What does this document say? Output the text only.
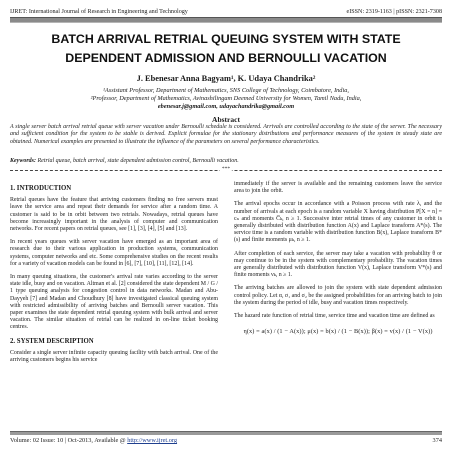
IJRET: International Journal of Research in Engineering and Technology	eISSN: 2319-1163 | pISSN: 2321-7308
BATCH ARRIVAL RETRIAL QUEUING SYSTEM WITH STATE
DEPENDENT ADMISSION AND BERNOULLI VACATION
J. Ebenesar Anna Bagyam¹, K. Udaya Chandrika²
¹Assistant Professor, Department of Mathematics, SNS College of Technology, Coimbatore, India,
²Professor, Department of Mathematics, Avinashilingam Deemed University for Women, Tamil Nadu, India,
ebenesar.j@gmail.com, udayachandrika@gmail.com
Abstract
A single server batch arrival retrial queue with server vacation under Bernoulli schedule is considered. Arrivals are controlled according to the state of the server. The necessary and sufficient condition for the system to be stable is derived. Explicit formulae for the stationary distributions and performance measures of the system in steady state are obtained. Numerical examples are presented to illustrate the influence of the parameters on several performance characteristics.
Keywords: Retrial queue, batch arrival, state dependent admission control, Bernoulli vacation.
***
1. INTRODUCTION

Retrial queues have the feature that arriving customers finding no free servers must leave the service area and repeat their demands for service after a random time. A customer is said to be in orbit between two retrials. Nowadays, retrial queues have become increasingly important in the analysis of computer and communication networks. For recent papers on retrial queues, see [1], [3], [4], [5] and [13].

In recent years queues with server vacation have emerged as an important area of research due to their various application in production systems, communication systems, computer networks and etc. Some comprehensive studies on the recent results for a variety of vacation models can be found in [6], [7], [10], [11], [12], [14].

In many queuing situations, the customer's arrival rate varies according to the server state idle, busy and on vacation. Altman et al. [2] considered the state dependent M / G / 1 type queuing analysis for congestion control in data networks. Madan and Abu-Dayyeh [7] and Madan and Choudhury [8] have investigated classical queuing system with restricted admissibility of arriving batches and Bernoulli server vacation. This paper examines the state dependent retrial queuing system with bulk arrival and server vacation. The similar situation of retrial can be realized in on-line ticket booking centres.

2. SYSTEM DESCRIPTION

Consider a single server infinite capacity queuing facility with batch arrival. One of the arriving customers begins his service

immediately if the server is available and the remaining customers leave the service area to join the orbit.

The arrival epochs occur in accordance with a Poisson process with rate λ, and the number of arrivals at each epoch is a random variable X having distribution P[X = n] = cₙ and moments C̅ₖ, n ≥ 1. Successive inter retrial times of any customer in orbit is generally distributed with distribution function A(x) and Laplace transform A*(s). The service time is a random variable with distribution function B(x), Laplace transform B*(s) and finite moments μₖ, n ≥ 1.

After completion of each service, the server may take a vacation with probability θ or may continue to be in the system with complementary probability. The vacation times are generally distributed with distribution function V(x), Laplace transform V*(s) and finite moments νₖ, n ≥ 1.

The arriving batches are allowed to join the system with state dependent admission control policy. Let α, σ₁ and σ₂ be the assigned probabilities for an arriving batch to join the system during the period of idle, busy and vacation times respectively.

The hazard rate function of retrial time, service time and vacation time are defined as

η(x) = a(x) / (1 − A(x)); μ(x) = b(x) / (1 − B(x)); β(x) = v(x) / (1 − V(x))
Volume: 02 Issue: 10 | Oct-2013, Available @ http://www.ijret.org	374
